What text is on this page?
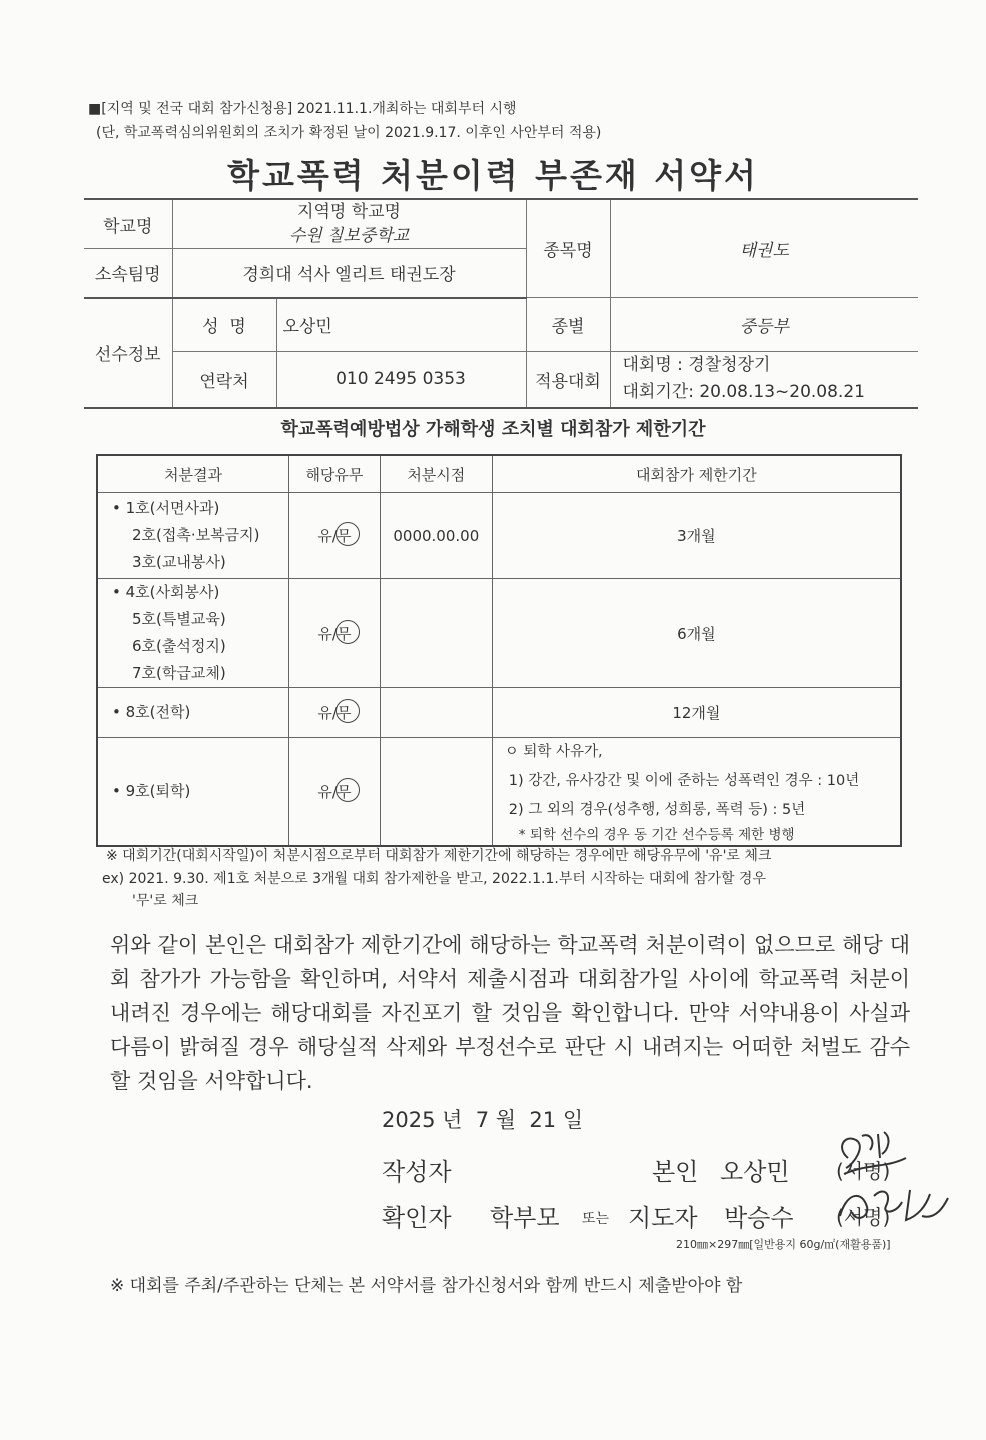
■[지역 및 전국 대회 참가신청용] 2021.11.1.개최하는 대회부터 시행
(단, 학교폭력심의위원회의 조치가 확정된 날이 2021.9.17. 이후인 사안부터 적용)
학교폭력 처분이력 부존재 서약서
학교명	지역명 학교명
수원 칠보중학교		종목명	태권도
소속팀명	경희대 석사 엘리트 태권도장			
선수정보	성  명	오상민	종별	중등부
	연락처	010 2495 0353	적용대회	대회명 : 경찰청장기
대회기간: 20.08.13~20.08.21
학교폭력예방법상 가해학생 조치별 대회참가 제한기간
처분결과	해당유무	처분시점	대회참가 제한기간

• 1호(서면사과)
2호(접촉·보복금지)
3호(교내봉사)	유/무	0000.00.00	3개월

• 4호(사회봉사)
5호(특별교육)
6호(출석정지)
7호(학급교체)	유/무		6개월

• 8호(전학)	유/무		12개월

• 9호(퇴학)	유/무		ㅇ 퇴학 사유가,
1) 강간, 유사강간 및 이에 준하는 성폭력인 경우 : 10년
2) 그 외의 경우(성추행, 성희롱, 폭력 등) : 5년
* 퇴학 선수의 경우 동 기간 선수등록 제한 병행
※ 대회기간(대회시작일)이 처분시점으로부터 대회참가 제한기간에 해당하는 경우에만 해당유무에 '유'로 체크
ex) 2021. 9.30. 제1호 처분으로 3개월 대회 참가제한을 받고, 2022.1.1.부터 시작하는 대회에 참가할 경우
'무'로 체크
위와 같이 본인은 대회참가 제한기간에 해당하는 학교폭력 처분이력이 없으므로 해당 대회 참가가 가능함을 확인하며, 서약서 제출시점과 대회참가일 사이에 학교폭력 처분이 내려진 경우에는 해당대회를 자진포기 할 것임을 확인합니다. 만약 서약내용이 사실과 다름이 밝혀질 경우 해당실적 삭제와 부정선수로 판단 시 내려지는 어떠한 처벌도 감수할 것임을 서약합니다.
2025 년  7 월  21 일
작성자	본인 오상민 (서명)
확인자 학부모 또는 지도자 박승수 (서명)
210㎜×297㎜[일반용지 60g/㎡(재활용품)]
※ 대회를 주최/주관하는 단체는 본 서약서를 참가신청서와 함께 반드시 제출받아야 함
